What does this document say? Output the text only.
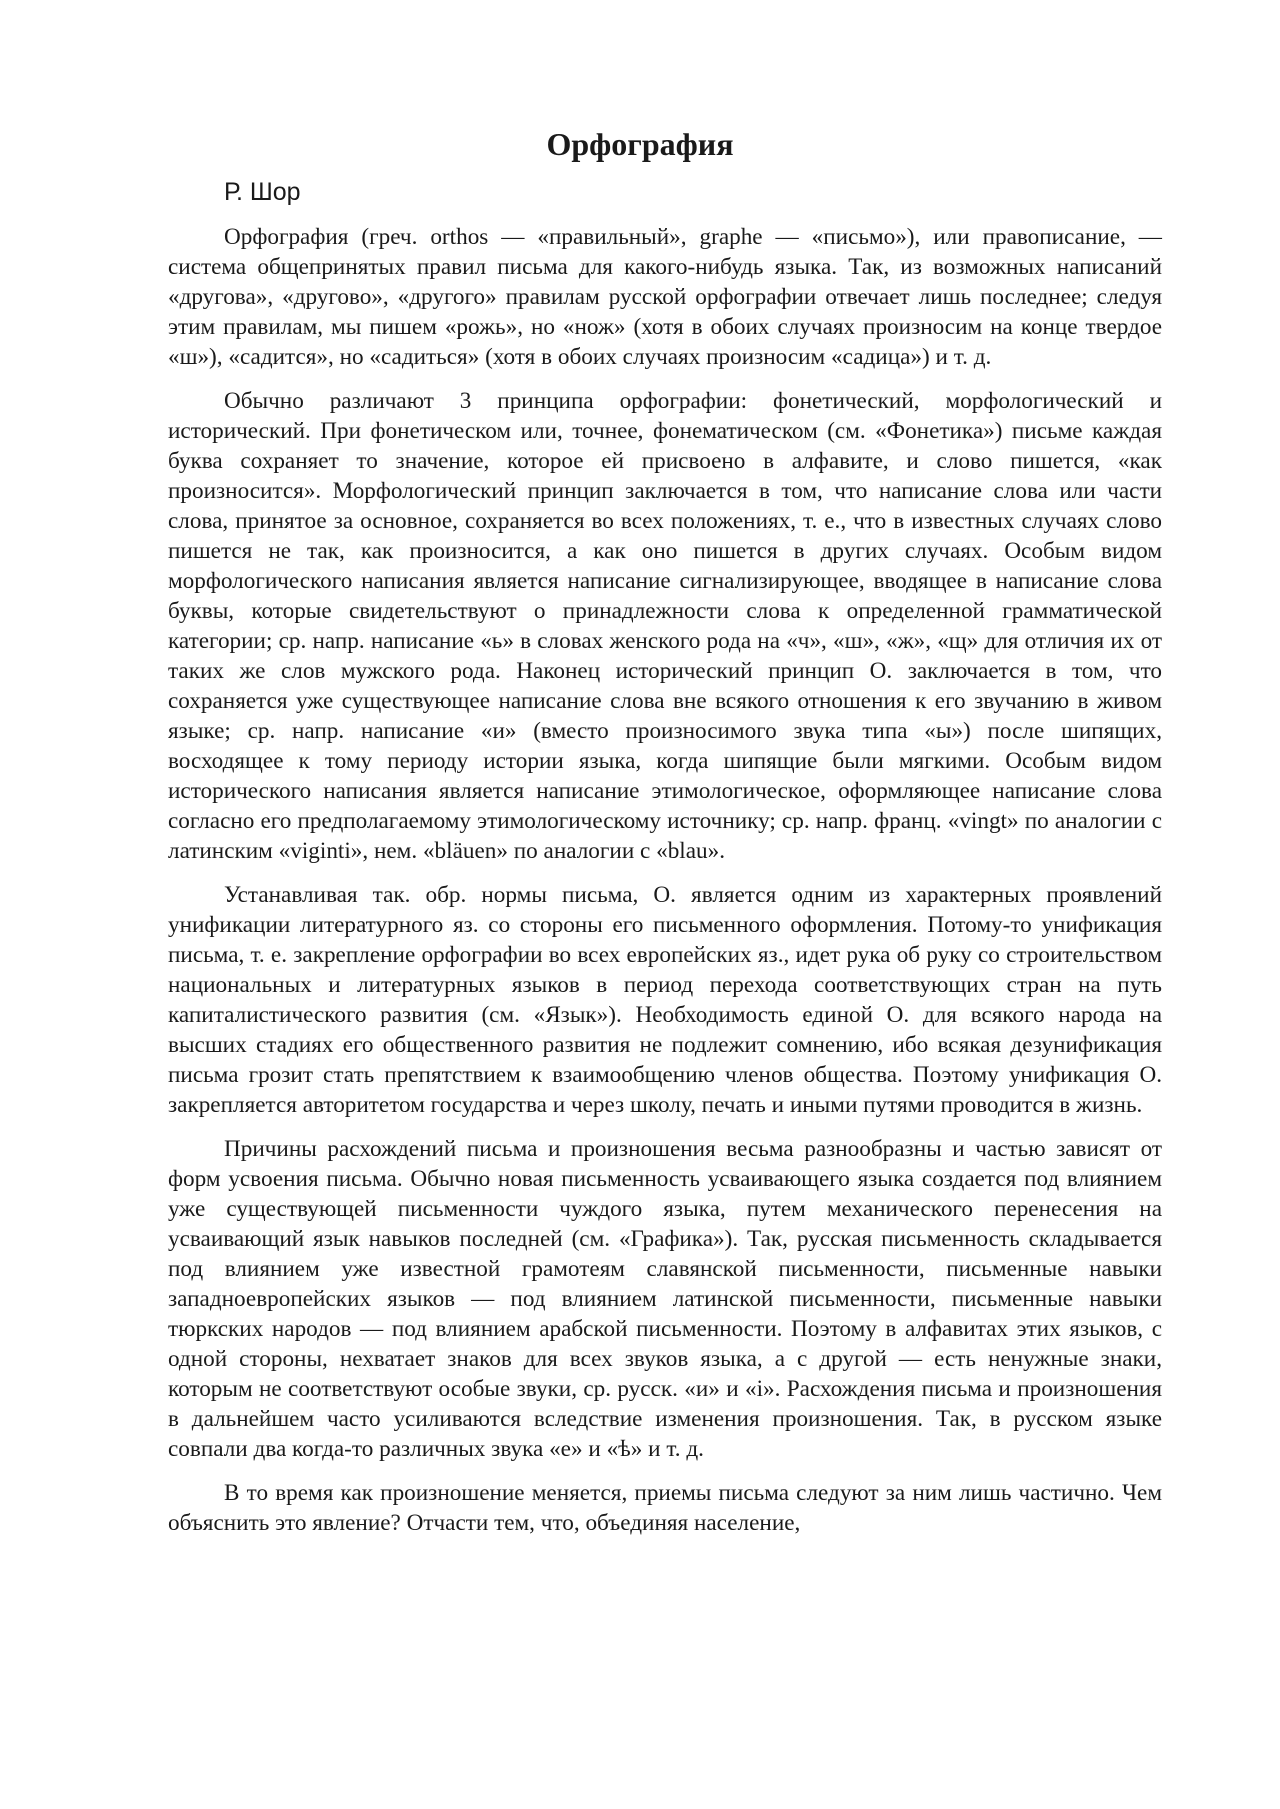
Орфография
Р. Шор

Орфография (греч. orthos — «правильный», graphe — «письмо»), или правописание, — система общепринятых правил письма для какого-нибудь языка. Так, из возможных написаний «другова», «другово», «другого» правилам русской орфографии отвечает лишь последнее; следуя этим правилам, мы пишем «рожь», но «нож» (хотя в обоих случаях произносим на конце твердое «ш»), «садится», но «садиться» (хотя в обоих случаях произносим «садица») и т. д.

Обычно различают 3 принципа орфографии: фонетический, морфологический и исторический. При фонетическом или, точнее, фонематическом (см. «Фонетика») письме каждая буква сохраняет то значение, которое ей присвоено в алфавите, и слово пишется, «как произносится». Морфологический принцип заключается в том, что написание слова или части слова, принятое за основное, сохраняется во всех положениях, т. е., что в известных случаях слово пишется не так, как произносится, а как оно пишется в других случаях. Особым видом морфологического написания является написание сигнализирующее, вводящее в написание слова буквы, которые свидетельствуют о принадлежности слова к определенной грамматической категории; ср. напр. написание «ь» в словах женского рода на «ч», «ш», «ж», «щ» для отличия их от таких же слов мужского рода. Наконец исторический принцип О. заключается в том, что сохраняется уже существующее написание слова вне всякого отношения к его звучанию в живом языке; ср. напр. написание «и» (вместо произносимого звука типа «ы») после шипящих, восходящее к тому периоду истории языка, когда шипящие были мягкими. Особым видом исторического написания является написание этимологическое, оформляющее написание слова согласно его предполагаемому этимологическому источнику; ср. напр. франц. «vingt» по аналогии с латинским «viginti», нем. «bläuen» по аналогии с «blau».

Устанавливая так. обр. нормы письма, О. является одним из характерных проявлений унификации литературного яз. со стороны его письменного оформления. Потому-то унификация письма, т. е. закрепление орфографии во всех европейских яз., идет рука об руку со строительством национальных и литературных языков в период перехода соответствующих стран на путь капиталистического развития (см. «Язык»). Необходимость единой О. для всякого народа на высших стадиях его общественного развития не подлежит сомнению, ибо всякая дезунификация письма грозит стать препятствием к взаимообщению членов общества. Поэтому унификация О. закрепляется авторитетом государства и через школу, печать и иными путями проводится в жизнь.

Причины расхождений письма и произношения весьма разнообразны и частью зависят от форм усвоения письма. Обычно новая письменность усваивающего языка создается под влиянием уже существующей письменности чуждого языка, путем механического перенесения на усваивающий язык навыков последней (см. «Графика»). Так, русская письменность складывается под влиянием уже известной грамотеям славянской письменности, письменные навыки западноевропейских языков — под влиянием латинской письменности, письменные навыки тюркских народов — под влиянием арабской письменности. Поэтому в алфавитах этих языков, с одной стороны, нехватает знаков для всех звуков языка, а с другой — есть ненужные знаки, которым не соответствуют особые звуки, ср. русск. «и» и «і». Расхождения письма и произношения в дальнейшем часто усиливаются вследствие изменения произношения. Так, в русском языке совпали два когда-то различных звука «е» и «ѣ» и т. д.

В то время как произношение меняется, приемы письма следуют за ним лишь частично. Чем объяснить это явление? Отчасти тем, что, объединяя население,
